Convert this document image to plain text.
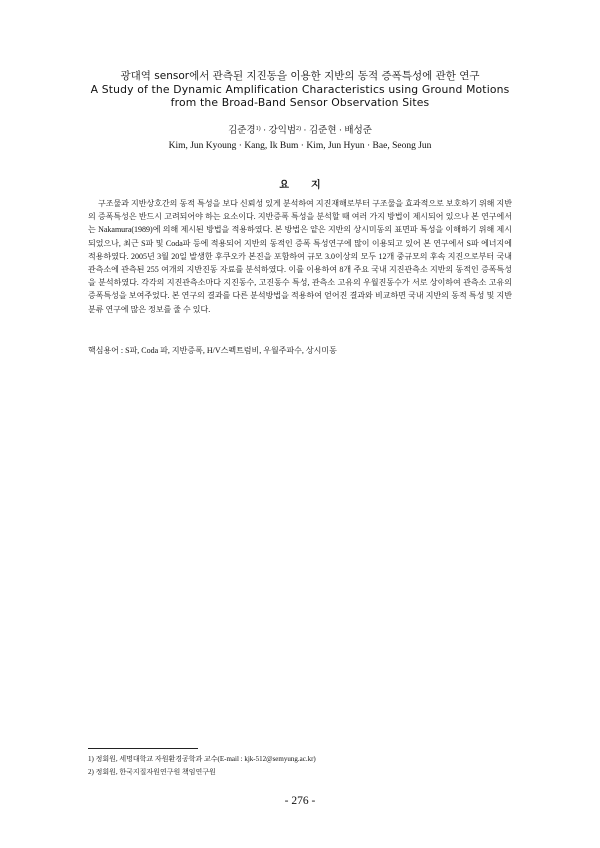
광대역 sensor에서 관측된 지진동을 이용한 지반의 동적 증폭특성에 관한 연구
A Study of the Dynamic Amplification Characteristics using Ground Motions
from the Broad-Band Sensor Observation Sites
김준경$^{1)}$ · 강익범$^{2)}$ · 김준현 · 배성준
Kim, Jun Kyoung · Kang, Ik Bum · Kim, Jun Hyun · Bae, Seong Jun
요지

구조물과 지반상호간의 동적 특성을 보다 신뢰성 있게 분석하여 지진재해로부터 구조물을 효과적으로 보호하기 위해 지반의 증폭특성은 반드시 고려되어야 하는 요소이다. 지반증폭 특성을 분석할 때 여러 가지 방법이 제시되어 있으나 본 연구에서는 Nakamura(1989)에 의해 제시된 방법을 적용하였다. 본 방법은 얕은 지반의 상시미동의 표면파 특성을 이해하기 위해 제시되었으나, 최근 S파 및 Coda파 등에 적용되어 지반의 동적인 증폭 특성연구에 많이 이용되고 있어 본 연구에서 S파 에너지에 적용하였다. 2005년 3월 20일 발생한 후쿠오카 본진을 포함하여 규모 3.0이상의 모두 12개 중규모의 후속 지진으로부터 국내 관측소에 관측된 255 여개의 지반진동 자료를 분석하였다. 이를 이용하여 8개 주요 국내 지진관측소 지반의 동적인 증폭특성을 분석하였다. 각각의 지진관측소마다 지진동수, 고진동수 특성, 관측소 고유의 우월진동수가 서로 상이하여 관측소 고유의 증폭특성을 보여주었다. 본 연구의 결과를 다른 분석방법을 적용하여 얻어진 결과와 비교하면 국내 지반의 동적 특성 및 지반분류 연구에 많은 정보를 줄 수 있다.

핵심용어 : S파, Coda 파, 지반증폭, H/V스펙트럼비, 우월주파수, 상시미동

1) 정회원, 세명대학교 자원환경공학과 교수(E-mail : kjk-512@semyung.ac.kr)
2) 정회원, 한국지질자원연구원 책임연구원
- 276 -
